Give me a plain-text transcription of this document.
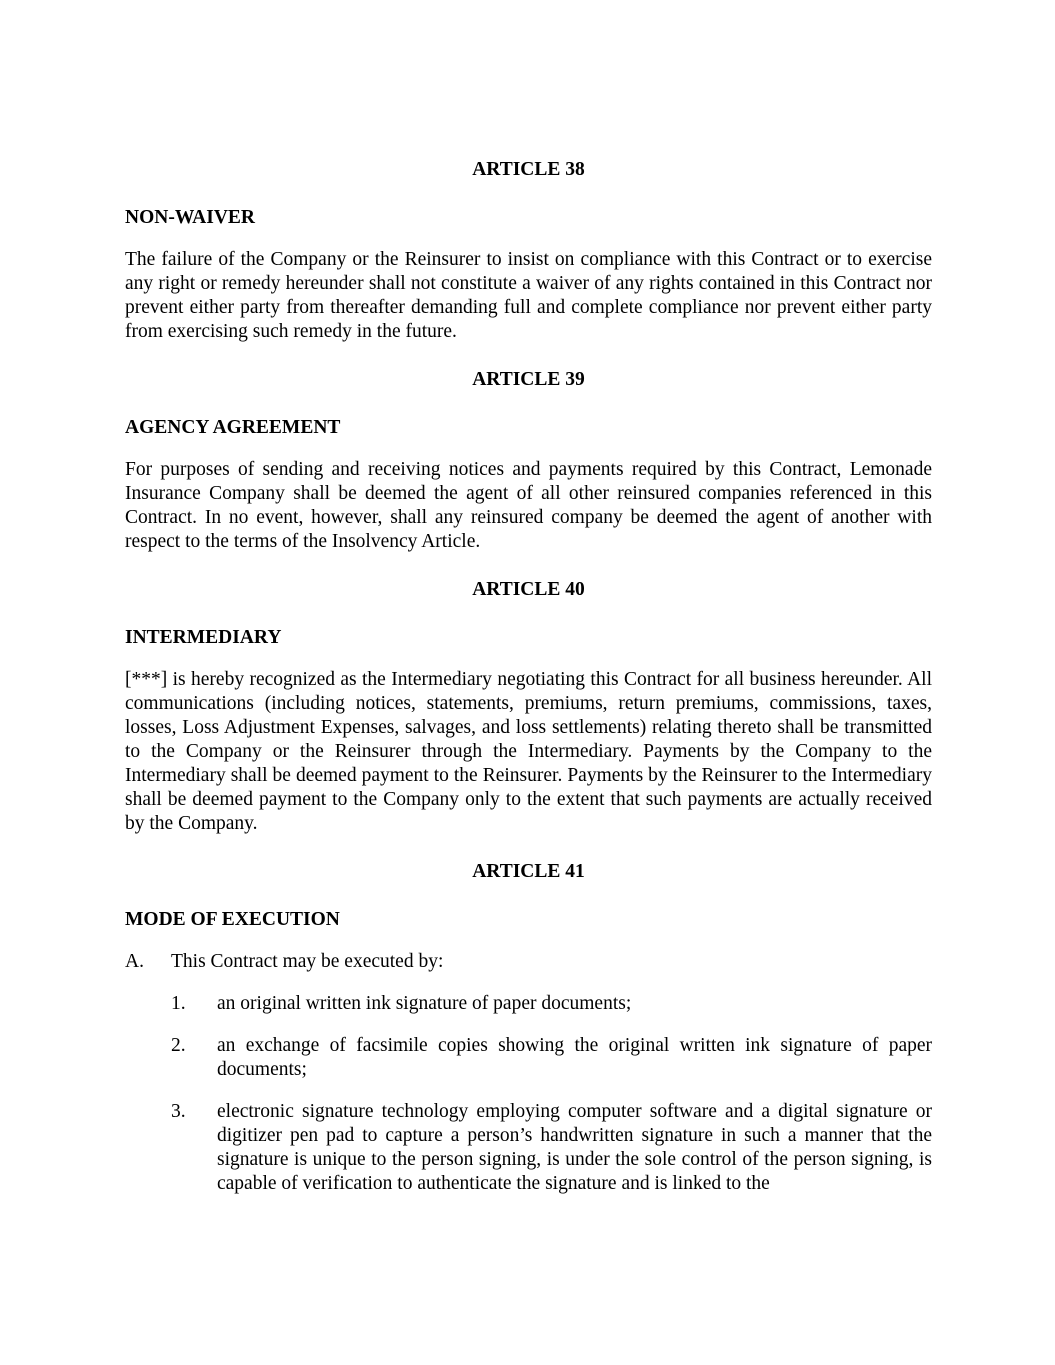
ARTICLE 38

NON-WAIVER

The failure of the Company or the Reinsurer to insist on compliance with this Contract or to exercise any right or remedy hereunder shall not constitute a waiver of any rights contained in this Contract nor prevent either party from thereafter demanding full and complete compliance nor prevent either party from exercising such remedy in the future.

ARTICLE 39

AGENCY AGREEMENT

For purposes of sending and receiving notices and payments required by this Contract, Lemonade Insurance Company shall be deemed the agent of all other reinsured companies referenced in this Contract. In no event, however, shall any reinsured company be deemed the agent of another with respect to the terms of the Insolvency Article.

ARTICLE 40

INTERMEDIARY

[***] is hereby recognized as the Intermediary negotiating this Contract for all business hereunder. All communications (including notices, statements, premiums, return premiums, commissions, taxes, losses, Loss Adjustment Expenses, salvages, and loss settlements) relating thereto shall be transmitted to the Company or the Reinsurer through the Intermediary. Payments by the Company to the Intermediary shall be deemed payment to the Reinsurer. Payments by the Reinsurer to the Intermediary shall be deemed payment to the Company only to the extent that such payments are actually received by the Company.

ARTICLE 41

MODE OF EXECUTION

A.	This Contract may be executed by:
1.	an original written ink signature of paper documents;
2.	an exchange of facsimile copies showing the original written ink signature of paper documents;
3.	electronic signature technology employing computer software and a digital signature or digitizer pen pad to capture a person’s handwritten signature in such a manner that the signature is unique to the person signing, is under the sole control of the person signing, is capable of verification to authenticate the signature and is linked to the
